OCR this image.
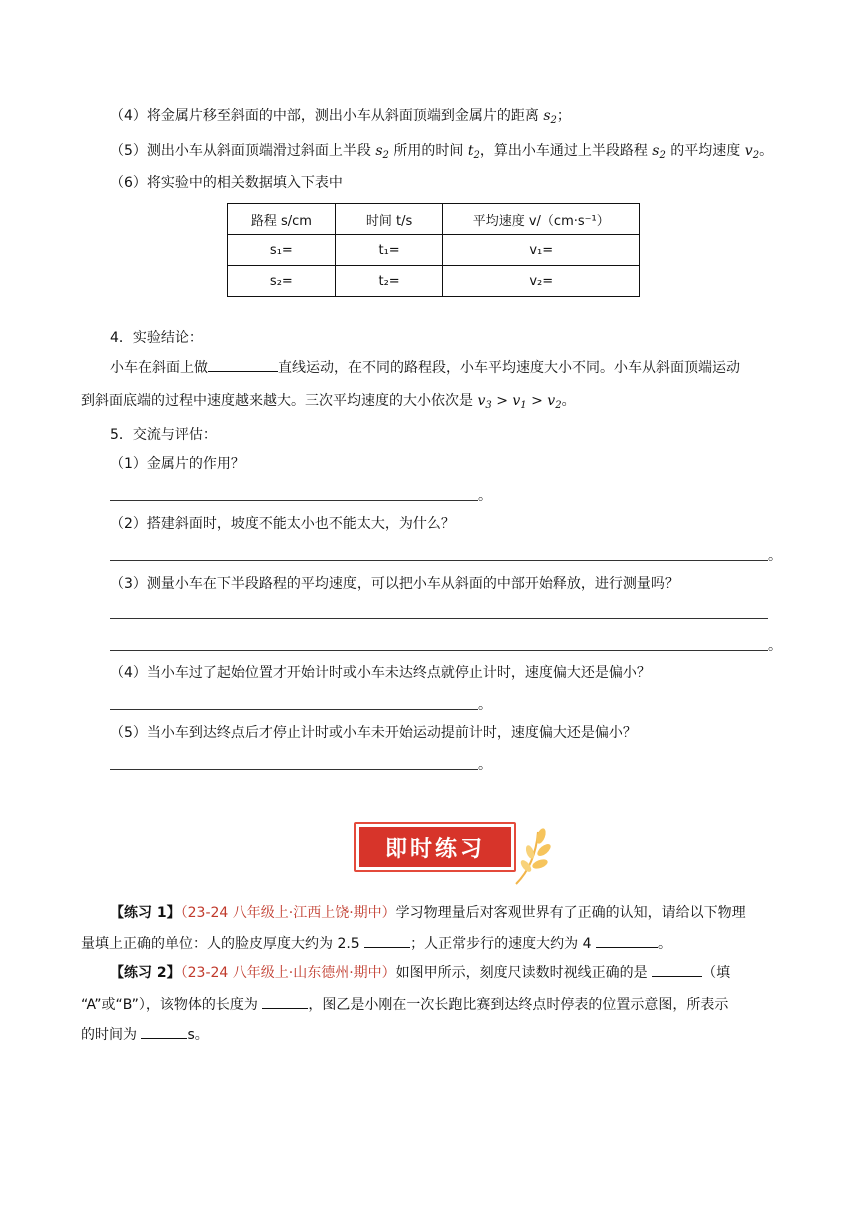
（4）将金属片移至斜面的中部，测出小车从斜面顶端到金属片的距离 $s_2$；
（5）测出小车从斜面顶端滑过斜面上半段 $s_2$ 所用的时间 $t_2$，算出小车通过上半段路程 $s_2$ 的平均速度 $v_2$。
（6）将实验中的相关数据填入下表中
路程 s/cm	时间 t/s	平均速度 v/（cm·s⁻¹）
s₁=	t₁=	v₁=
s₂=	t₂=	v₂=
4．实验结论：
小车在斜面上做	直线运动，在不同的路程段，小车平均速度大小不同。小车从斜面顶端运动
到斜面底端的过程中速度越来越大。三次平均速度的大小依次是 $v_3 > v_1 > v_2$。
5．交流与评估：
（1）金属片的作用？
。
（2）搭建斜面时，坡度不能太小也不能太大，为什么？
。
（3）测量小车在下半段路程的平均速度，可以把小车从斜面的中部开始释放，进行测量吗？
。
（4）当小车过了起始位置才开始计时或小车未达终点就停止计时，速度偏大还是偏小？
。
（5）当小车到达终点后才停止计时或小车未开始运动提前计时，速度偏大还是偏小？
。
即时练习
【练习 1】（23-24 八年级上·江西上饶·期中）学习物理量后对客观世界有了正确的认知，请给以下物理
量填上正确的单位：人的脸皮厚度大约为 2.5	；人正常步行的速度大约为 4	。
【练习 2】（23-24 八年级上·山东德州·期中）如图甲所示，刻度尺读数时视线正确的是	（填
“A”或“B”），该物体的长度为	，图乙是小刚在一次长跑比赛到达终点时停表的位置示意图，所表示
的时间为	s。
